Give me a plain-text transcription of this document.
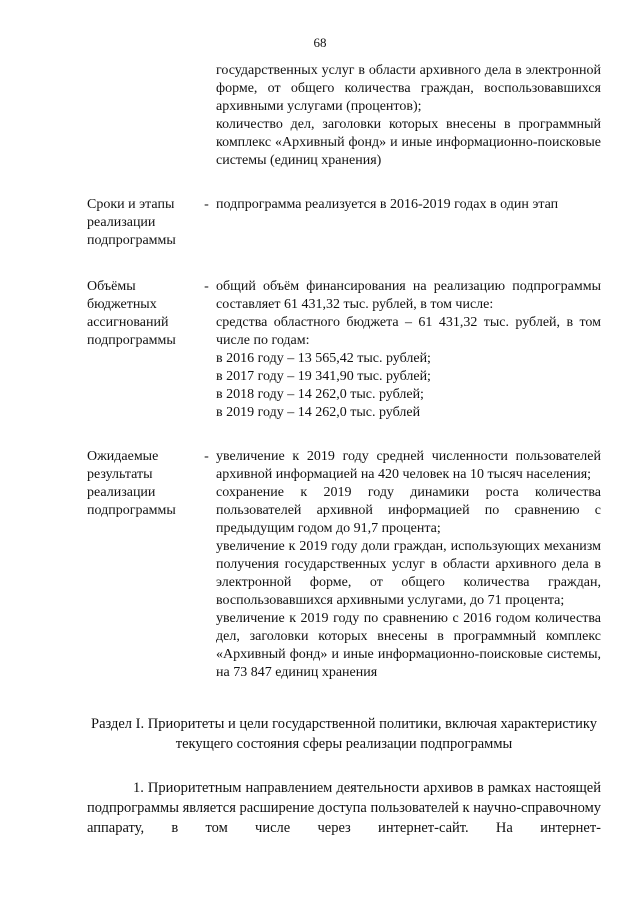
68

государственных услуг в области архивного дела в электронной форме, от общего количества граждан, воспользовавшихся архивными услугами (процентов);

количество дел, заголовки которых внесены в программный комплекс «Архивный фонд» и иные информационно-поисковые системы (единиц хранения)

Сроки и этапы реализации подпрограммы
- подпрограмма реализуется в 2016-2019 годах в один этап

Объёмы бюджетных ассигнований подпрограммы
- общий объём финансирования на реализацию подпрограммы составляет 61 431,32 тыс. рублей, в том числе:

средства областного бюджета – 61 431,32 тыс. рублей, в том числе по годам:

в 2016 году – 13 565,42 тыс. рублей;

в 2017 году – 19 341,90 тыс. рублей;

в 2018 году – 14 262,0 тыс. рублей;

в 2019 году – 14 262,0 тыс. рублей

Ожидаемые результаты реализации подпрограммы
- увеличение к 2019 году средней численности пользователей архивной информацией на 420 человек на 10 тысяч населения;

сохранение к 2019 году динамики роста количества пользователей архивной информацией по сравнению с предыдущим годом до 91,7 процента;

увеличение к 2019 году доли граждан, использующих механизм получения государственных услуг в области архивного дела в электронной форме, от общего количества граждан, воспользовавшихся архивными услугами, до 71 процента;

увеличение к 2019 году по сравнению с 2016 годом количества дел, заголовки которых внесены в программный комплекс «Архивный фонд» и иные информационно-поисковые системы, на 73 847 единиц хранения

Раздел I. Приоритеты и цели государственной политики, включая характеристику текущего состояния сферы реализации подпрограммы

1. Приоритетным направлением деятельности архивов в рамках настоящей подпрограммы является расширение доступа пользователей к научно-справочному аппарату, в том числе через интернет-сайт. На интернет-
